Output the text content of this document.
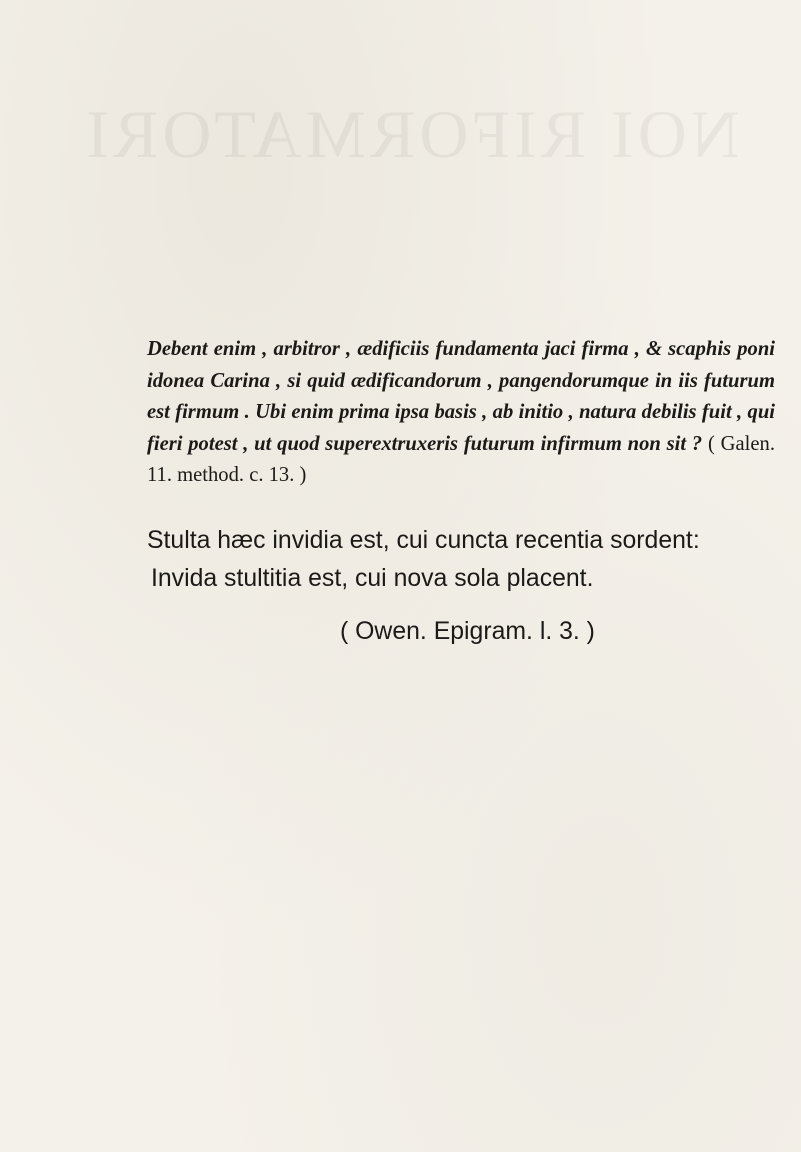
NOI RIFORMATORI

Debent enim , arbitror , ædificiis fundamenta jaci firma , & scaphis poni idonea Carina , si quid ædificandorum , pangendorumque in iis futurum est firmum . Ubi enim prima ipsa basis , ab initio , natura debilis fuit , qui fieri potest , ut quod superextruxeris futurum infirmum non sit ? ( Galen. 11. method. c. 13. )

Stulta hæc invidia est, cui cuncta recentia sordent:
Invida stultitia est, cui nova sola placent.
( Owen. Epigram. l. 3. )
